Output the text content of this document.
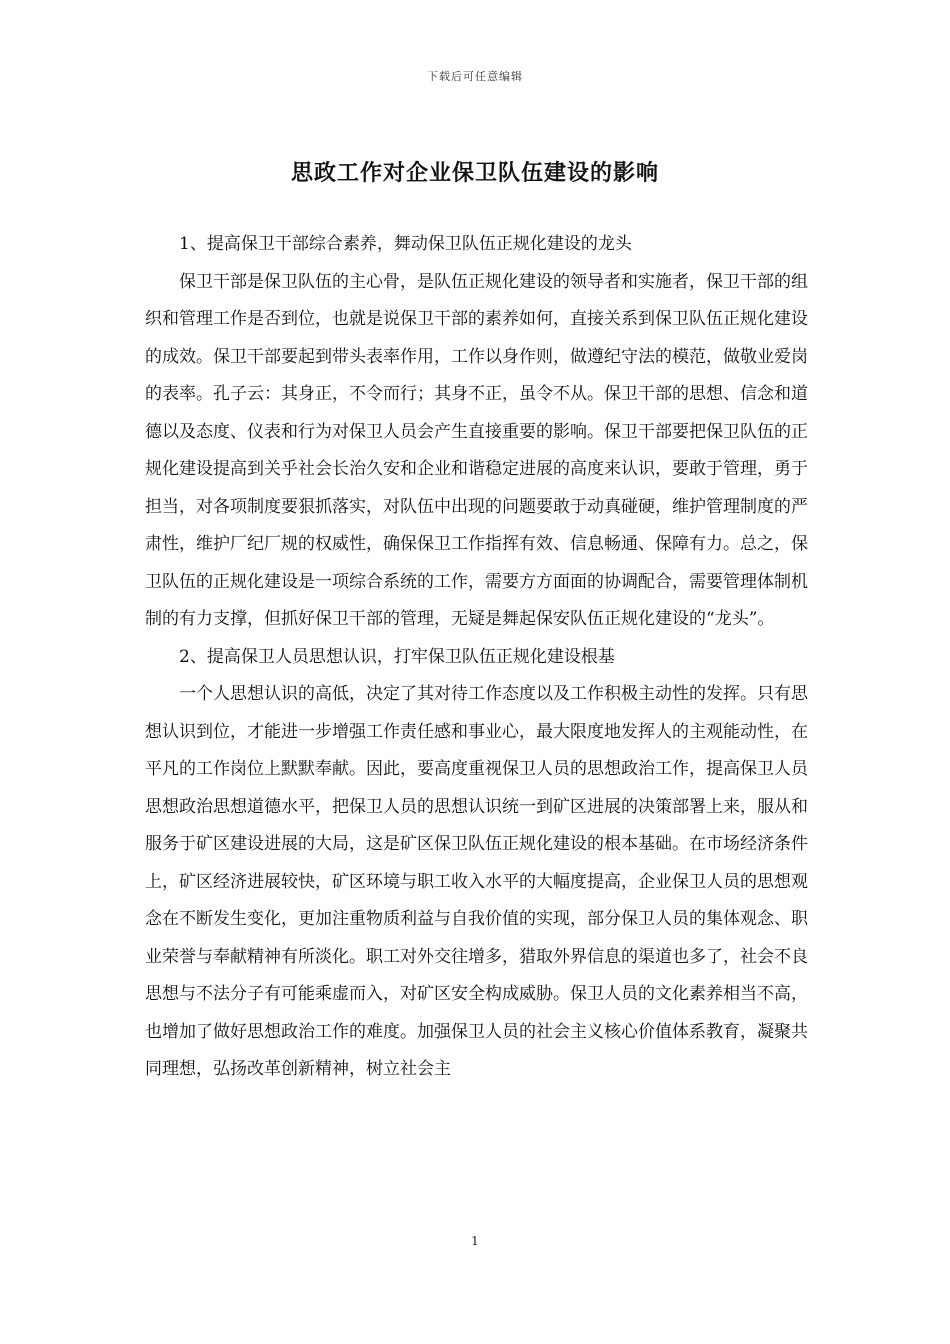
下载后可任意编辑
思政工作对企业保卫队伍建设的影响

1、提高保卫干部综合素养，舞动保卫队伍正规化建设的龙头

保卫干部是保卫队伍的主心骨，是队伍正规化建设的领导者和实施者，保卫干部的组织和管理工作是否到位，也就是说保卫干部的素养如何，直接关系到保卫队伍正规化建设的成效。保卫干部要起到带头表率作用，工作以身作则，做遵纪守法的模范，做敬业爱岗的表率。孔子云：其身正，不令而行；其身不正，虽令不从。保卫干部的思想、信念和道德以及态度、仪表和行为对保卫人员会产生直接重要的影响。保卫干部要把保卫队伍的正规化建设提高到关乎社会长治久安和企业和谐稳定进展的高度来认识，要敢于管理，勇于担当，对各项制度要狠抓落实，对队伍中出现的问题要敢于动真碰硬，维护管理制度的严肃性，维护厂纪厂规的权威性，确保保卫工作指挥有效、信息畅通、保障有力。总之，保卫队伍的正规化建设是一项综合系统的工作，需要方方面面的协调配合，需要管理体制机制的有力支撑，但抓好保卫干部的管理，无疑是舞起保安队伍正规化建设的“龙头”。

2、提高保卫人员思想认识，打牢保卫队伍正规化建设根基

一个人思想认识的高低，决定了其对待工作态度以及工作积极主动性的发挥。只有思想认识到位，才能进一步增强工作责任感和事业心，最大限度地发挥人的主观能动性，在平凡的工作岗位上默默奉献。因此，要高度重视保卫人员的思想政治工作，提高保卫人员思想政治思想道德水平，把保卫人员的思想认识统一到矿区进展的决策部署上来，服从和服务于矿区建设进展的大局，这是矿区保卫队伍正规化建设的根本基础。在市场经济条件上，矿区经济进展较快，矿区环境与职工收入水平的大幅度提高，企业保卫人员的思想观念在不断发生变化，更加注重物质利益与自我价值的实现，部分保卫人员的集体观念、职业荣誉与奉献精神有所淡化。职工对外交往增多，猎取外界信息的渠道也多了，社会不良思想与不法分子有可能乘虚而入，对矿区安全构成威胁。保卫人员的文化素养相当不高，也增加了做好思想政治工作的难度。加强保卫人员的社会主义核心价值体系教育，凝聚共同理想，弘扬改革创新精神，树立社会主

1
